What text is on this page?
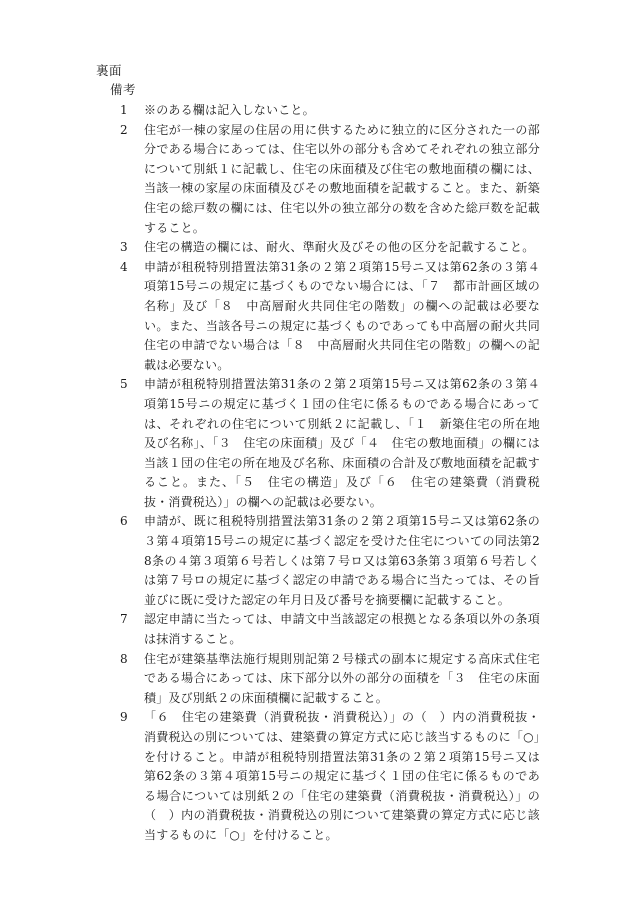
裏面
備考
1	※のある欄は記入しないこと。
2	住宅が一棟の家屋の住居の用に供するために独立的に区分された一の部分である場合にあっては、住宅以外の部分も含めてそれぞれの独立部分について別紙１に記載し、住宅の床面積及び住宅の敷地面積の欄には、当該一棟の家屋の床面積及びその敷地面積を記載すること。また、新築住宅の総戸数の欄には、住宅以外の独立部分の数を含めた総戸数を記載すること。
3	住宅の構造の欄には、耐火、準耐火及びその他の区分を記載すること。
4	申請が租税特別措置法第31条の２第２項第15号ニ又は第62条の３第４項第15号ニの規定に基づくものでない場合には、「７　都市計画区域の名称」及び「８　中高層耐火共同住宅の階数」の欄への記載は必要ない。また、当該各号ニの規定に基づくものであっても中高層の耐火共同住宅の申請でない場合は「８　中高層耐火共同住宅の階数」の欄への記載は必要ない。
5	申請が租税特別措置法第31条の２第２項第15号ニ又は第62条の３第４項第15号ニの規定に基づく１団の住宅に係るものである場合にあっては、それぞれの住宅について別紙２に記載し、「１　新築住宅の所在地及び名称」、「３　住宅の床面積」及び「４　住宅の敷地面積」の欄には当該１団の住宅の所在地及び名称、床面積の合計及び敷地面積を記載すること。また、「５　住宅の構造」及び「６　住宅の建築費（消費税抜・消費税込）」の欄への記載は必要ない。
6	申請が、既に租税特別措置法第31条の２第２項第15号ニ又は第62条の３第４項第15号ニの規定に基づく認定を受けた住宅についての同法第28条の４第３項第６号若しくは第７号ロ又は第63条第３項第６号若しくは第７号ロの規定に基づく認定の申請である場合に当たっては、その旨並びに既に受けた認定の年月日及び番号を摘要欄に記載すること。
7	認定申請に当たっては、申請文中当該認定の根拠となる条項以外の条項は抹消すること。
8	住宅が建築基準法施行規則別記第２号様式の副本に規定する高床式住宅である場合にあっては、床下部分以外の部分の面積を「３　住宅の床面積」及び別紙２の床面積欄に記載すること。
9	「６　住宅の建築費（消費税抜・消費税込）」の（　）内の消費税抜・消費税込の別については、建築費の算定方式に応じ該当するものに「○」を付けること。申請が租税特別措置法第31条の２第２項第15号ニ又は第62条の３第４項第15号ニの規定に基づく１団の住宅に係るものである場合については別紙２の「住宅の建築費（消費税抜・消費税込）」の（　）内の消費税抜・消費税込の別について建築費の算定方式に応じ該当するものに「○」を付けること。
